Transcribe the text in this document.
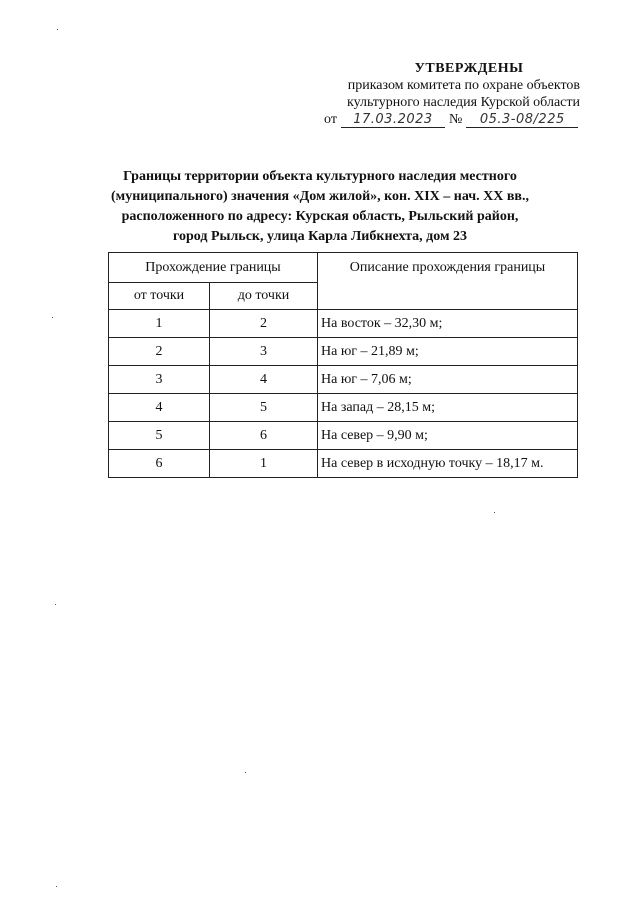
УТВЕРЖДЕНЫ
приказом комитета по охране объектов
культурного наследия Курской области
от	17.03.2023	№	05.3-08/225
Границы территории объекта культурного наследия местного
(муниципального) значения «Дом жилой», кон. XIX – нач. XX вв.,
расположенного по адресу: Курская область, Рыльский район,
город Рыльск, улица Карла Либкнехта, дом 23
Прохождение границы		Описание прохождения границы
от точки	до точки	
1	2	На восток – 32,30 м;
2	3	На юг – 21,89 м;
3	4	На юг – 7,06 м;
4	5	На запад – 28,15 м;
5	6	На север – 9,90 м;
6	1	На север в исходную точку – 18,17 м.
